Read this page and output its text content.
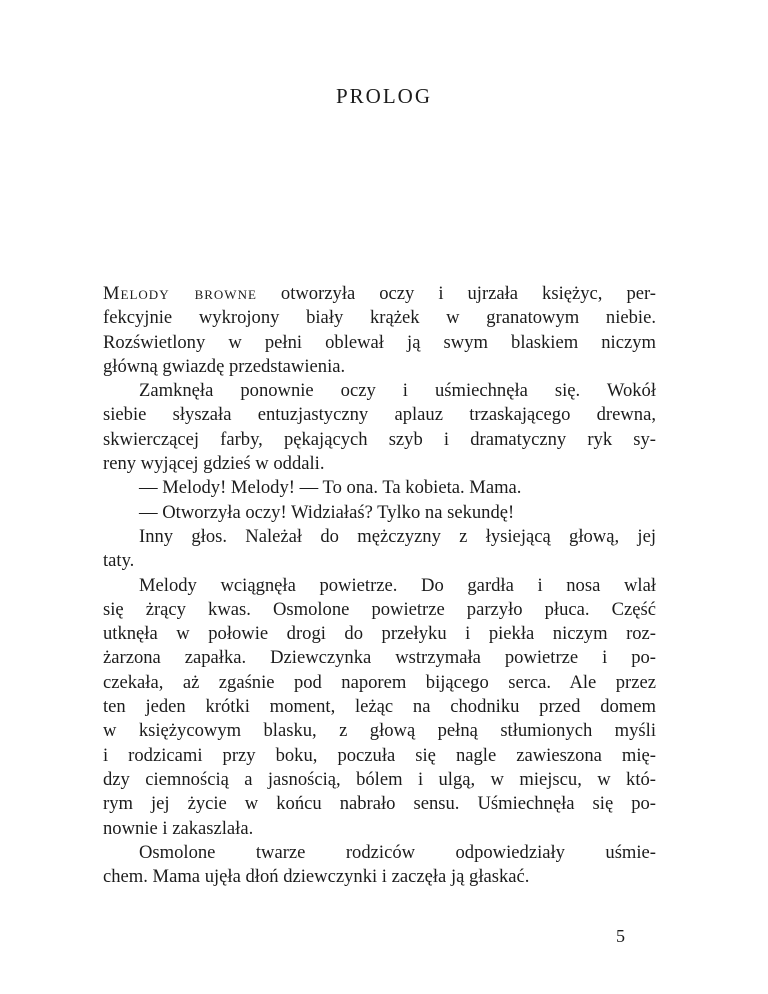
PROLOG
Melody browne otworzyła oczy i ujrzała księżyc, per-
fekcyjnie wykrojony biały krążek w granatowym niebie.
Rozświetlony w pełni oblewał ją swym blaskiem niczym
główną gwiazdę przedstawienia.
Zamknęła ponownie oczy i uśmiechnęła się. Wokół
siebie słyszała entuzjastyczny aplauz trzaskającego drewna,
skwierczącej farby, pękających szyb i dramatyczny ryk sy-
reny wyjącej gdzieś w oddali.
— Melody! Melody! — To ona. Ta kobieta. Mama.
— Otworzyła oczy! Widziałaś? Tylko na sekundę!
Inny głos. Należał do mężczyzny z łysiejącą głową, jej
taty.
Melody wciągnęła powietrze. Do gardła i nosa wlał
się żrący kwas. Osmolone powietrze parzyło płuca. Część
utknęła w połowie drogi do przełyku i piekła niczym roz-
żarzona zapałka. Dziewczynka wstrzymała powietrze i po-
czekała, aż zgaśnie pod naporem bijącego serca. Ale przez
ten jeden krótki moment, leżąc na chodniku przed domem
w księżycowym blasku, z głową pełną stłumionych myśli
i rodzicami przy boku, poczuła się nagle zawieszona mię-
dzy ciemnością a jasnością, bólem i ulgą, w miejscu, w któ-
rym jej życie w końcu nabrało sensu. Uśmiechnęła się po-
nownie i zakaszlała.
Osmolone twarze rodziców odpowiedziały uśmie-
chem. Mama ujęła dłoń dziewczynki i zaczęła ją głaskać.
5
